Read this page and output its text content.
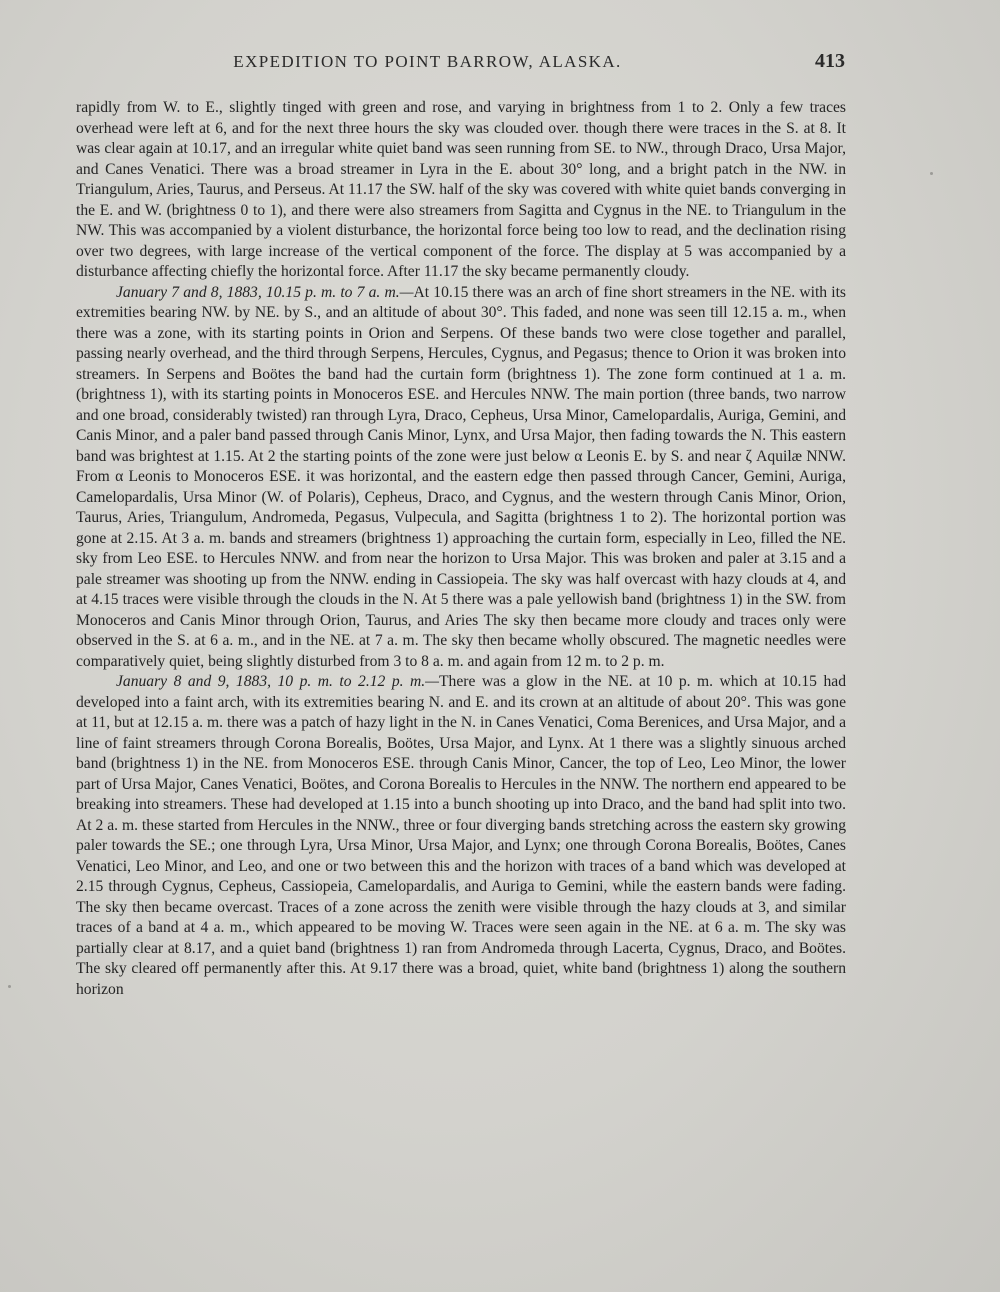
EXPEDITION TO POINT BARROW, ALASKA.	413

rapidly from W. to E., slightly tinged with green and rose, and varying in brightness from 1 to 2. Only a few traces overhead were left at 6, and for the next three hours the sky was clouded over. though there were traces in the S. at 8. It was clear again at 10.17, and an irregular white quiet band was seen running from SE. to NW., through Draco, Ursa Major, and Canes Venatici. There was a broad streamer in Lyra in the E. about 30° long, and a bright patch in the NW. in Triangulum, Aries, Taurus, and Perseus. At 11.17 the SW. half of the sky was covered with white quiet bands converging in the E. and W. (brightness 0 to 1), and there were also streamers from Sagitta and Cygnus in the NE. to Triangulum in the NW. This was accompanied by a violent disturbance, the horizontal force being too low to read, and the declination rising over two degrees, with large increase of the vertical component of the force. The display at 5 was accompanied by a disturbance affecting chiefly the horizontal force. After 11.17 the sky became permanently cloudy.

January 7 and 8, 1883, 10.15 p. m. to 7 a. m.—At 10.15 there was an arch of fine short streamers in the NE. with its extremities bearing NW. by NE. by S., and an altitude of about 30°. This faded, and none was seen till 12.15 a. m., when there was a zone, with its starting points in Orion and Serpens. Of these bands two were close together and parallel, passing nearly overhead, and the third through Serpens, Hercules, Cygnus, and Pegasus; thence to Orion it was broken into streamers. In Serpens and Boötes the band had the curtain form (brightness 1). The zone form continued at 1 a. m. (brightness 1), with its starting points in Monoceros ESE. and Hercules NNW. The main portion (three bands, two narrow and one broad, considerably twisted) ran through Lyra, Draco, Cepheus, Ursa Minor, Camelopardalis, Auriga, Gemini, and Canis Minor, and a paler band passed through Canis Minor, Lynx, and Ursa Major, then fading towards the N. This eastern band was brightest at 1.15. At 2 the starting points of the zone were just below α Leonis E. by S. and near ζ Aquilæ NNW. From α Leonis to Monoceros ESE. it was horizontal, and the eastern edge then passed through Cancer, Gemini, Auriga, Camelopardalis, Ursa Minor (W. of Polaris), Cepheus, Draco, and Cygnus, and the western through Canis Minor, Orion, Taurus, Aries, Triangulum, Andromeda, Pegasus, Vulpecula, and Sagitta (brightness 1 to 2). The horizontal portion was gone at 2.15. At 3 a. m. bands and streamers (brightness 1) approaching the curtain form, especially in Leo, filled the NE. sky from Leo ESE. to Hercules NNW. and from near the horizon to Ursa Major. This was broken and paler at 3.15 and a pale streamer was shooting up from the NNW. ending in Cassiopeia. The sky was half overcast with hazy clouds at 4, and at 4.15 traces were visible through the clouds in the N. At 5 there was a pale yellowish band (brightness 1) in the SW. from Monoceros and Canis Minor through Orion, Taurus, and Aries The sky then became more cloudy and traces only were observed in the S. at 6 a. m., and in the NE. at 7 a. m. The sky then became wholly obscured. The magnetic needles were comparatively quiet, being slightly disturbed from 3 to 8 a. m. and again from 12 m. to 2 p. m.

January 8 and 9, 1883, 10 p. m. to 2.12 p. m.—There was a glow in the NE. at 10 p. m. which at 10.15 had developed into a faint arch, with its extremities bearing N. and E. and its crown at an altitude of about 20°. This was gone at 11, but at 12.15 a. m. there was a patch of hazy light in the N. in Canes Venatici, Coma Berenices, and Ursa Major, and a line of faint streamers through Corona Borealis, Boötes, Ursa Major, and Lynx. At 1 there was a slightly sinuous arched band (brightness 1) in the NE. from Monoceros ESE. through Canis Minor, Cancer, the top of Leo, Leo Minor, the lower part of Ursa Major, Canes Venatici, Boötes, and Corona Borealis to Hercules in the NNW. The northern end appeared to be breaking into streamers. These had developed at 1.15 into a bunch shooting up into Draco, and the band had split into two. At 2 a. m. these started from Hercules in the NNW., three or four diverging bands stretching across the eastern sky growing paler towards the SE.; one through Lyra, Ursa Minor, Ursa Major, and Lynx; one through Corona Borealis, Boötes, Canes Venatici, Leo Minor, and Leo, and one or two between this and the horizon with traces of a band which was developed at 2.15 through Cygnus, Cepheus, Cassiopeia, Camelopardalis, and Auriga to Gemini, while the eastern bands were fading. The sky then became overcast. Traces of a zone across the zenith were visible through the hazy clouds at 3, and similar traces of a band at 4 a. m., which appeared to be moving W. Traces were seen again in the NE. at 6 a. m. The sky was partially clear at 8.17, and a quiet band (brightness 1) ran from Andromeda through Lacerta, Cygnus, Draco, and Boötes. The sky cleared off permanently after this. At 9.17 there was a broad, quiet, white band (brightness 1) along the southern horizon
